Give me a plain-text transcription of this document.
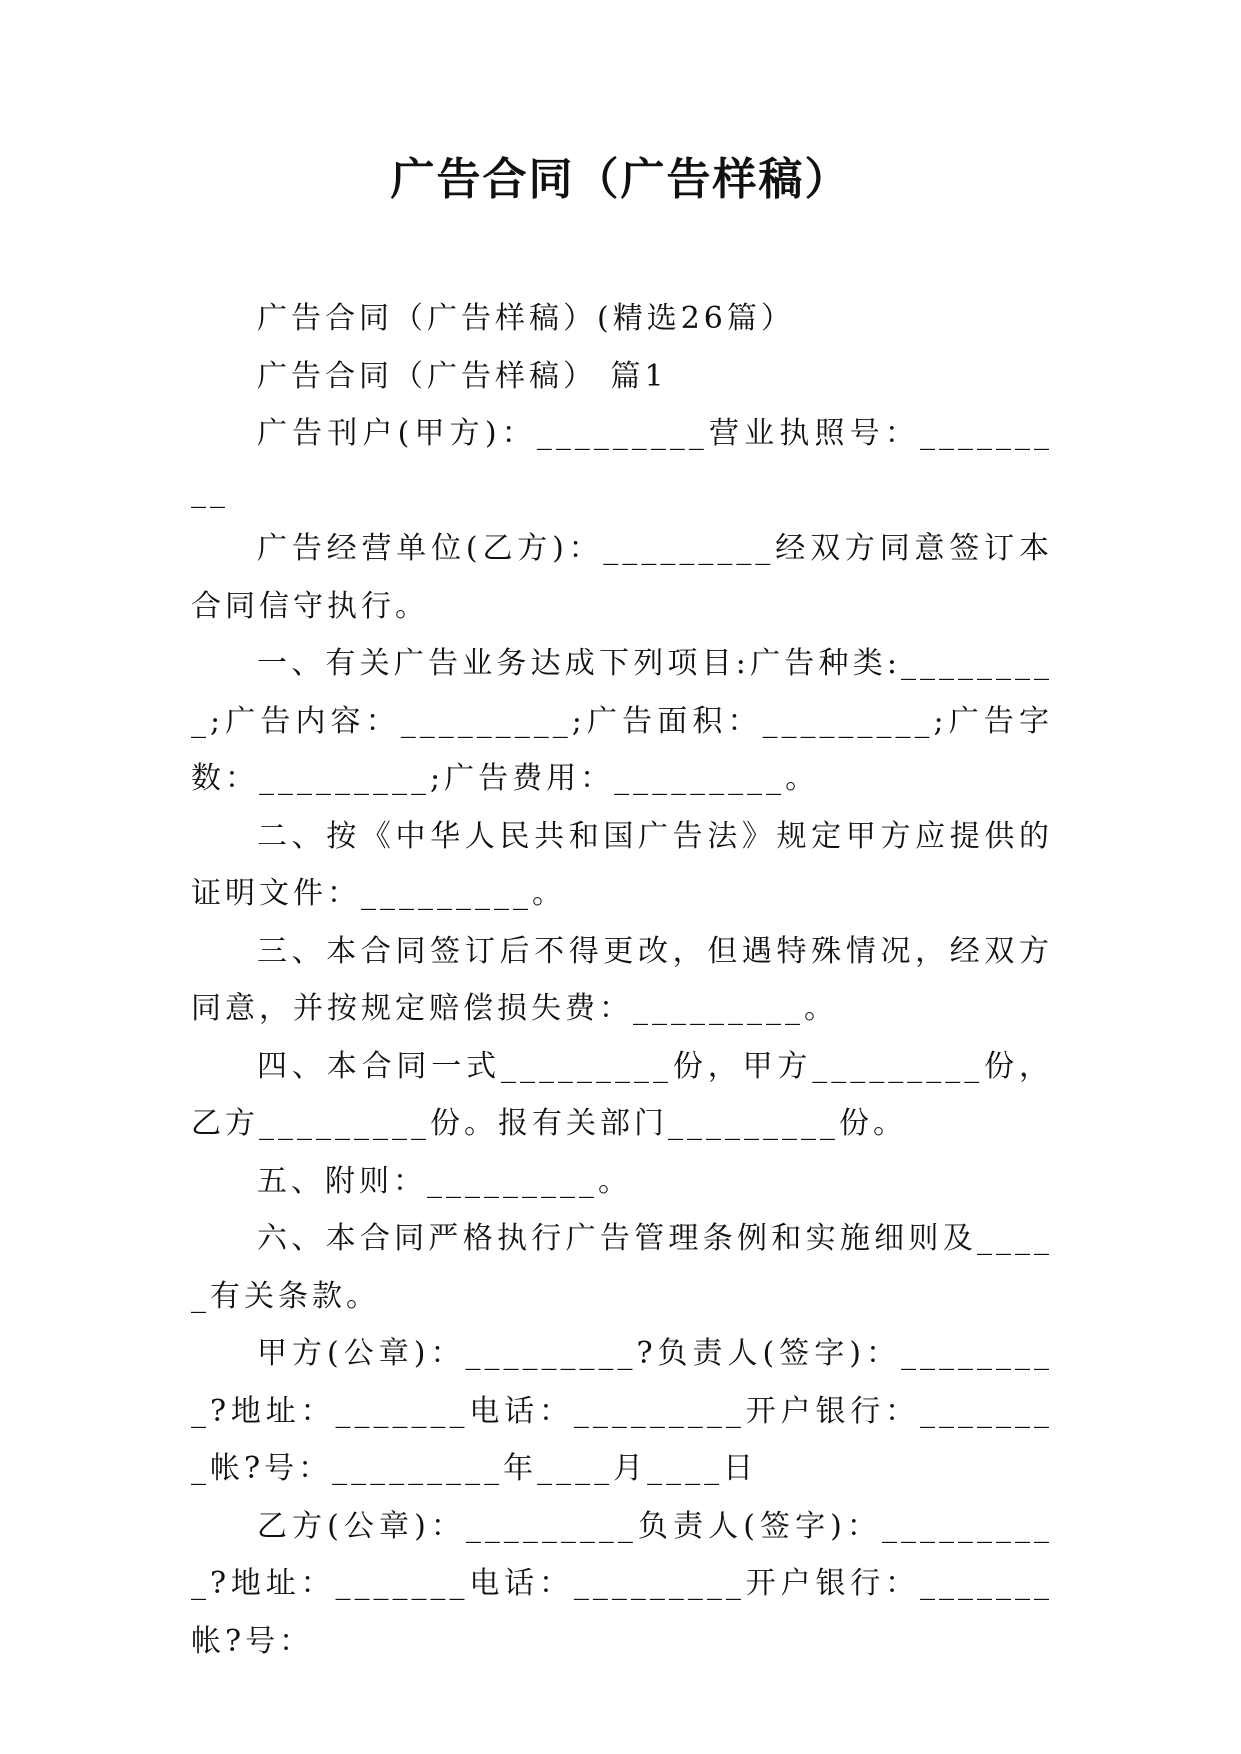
广告合同（广告样稿）

广告合同（广告样稿）(精选26篇）

广告合同（广告样稿） 篇1

广告刊户(甲方)：_________营业执照号：_________

广告经营单位(乙方)：_________经双方同意签订本合同信守执行。

一、有关广告业务达成下列项目:广告种类:_________;广告内容：_________;广告面积：_________;广告字数：_________;广告费用：_________。

二、按《中华人民共和国广告法》规定甲方应提供的证明文件：_________。

三、本合同签订后不得更改，但遇特殊情况，经双方同意，并按规定赔偿损失费：_________。

四、本合同一式_________份，甲方_________份，乙方_________份。报有关部门_________份。

五、附则：_________。

六、本合同严格执行广告管理条例和实施细则及_____有关条款。

甲方(公章)：_________?负责人(签字)：_________?地址：_______电话：_________开户银行：________帐?号：_________年____月____日

乙方(公章)：_________负责人(签字)：__________?地址：_______电话：_________开户银行：_______帐?号：
